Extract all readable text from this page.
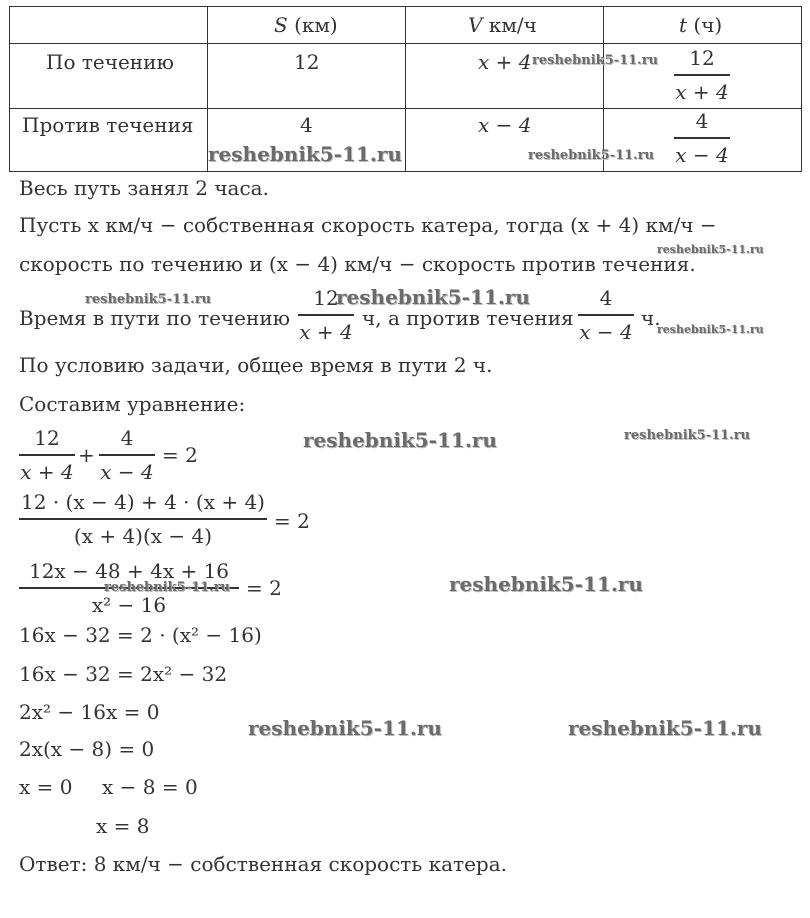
	S (км)	V км/ч	t (ч)

По течению	12	x + 4	12
x + 4

Против течения	4	x − 4	4
x − 4
Весь путь занял 2 часа.
Пусть x км/ч − собственная скорость катера, тогда (x + 4) км/ч −
скорость по течению и (x − 4) км/ч − скорость против течения.
Время в пути по течению
12
x + 4
ч, а против течения
4
x − 4
ч.
По условию задачи, общее время в пути 2 ч.
Составим уравнение:
12
x + 4
+
4
x − 4
= 2
12 · (x − 4) + 4 · (x + 4)
(x + 4)(x − 4)
= 2
12x − 48 + 4x + 16
x² − 16
= 2
16x − 32 = 2 · (x² − 16)
16x − 32 = 2x² − 32
2x² − 16x = 0
2x(x − 8) = 0
x = 0 x − 8 = 0
x = 8
Ответ: 8 км/ч − собственная скорость катера.
reshebnik5-11.ru
reshebnik5-11.ru	reshebnik5-11.ru
reshebnik5-11.ru
reshebnik5-11.ru	reshebnik5-11.ru
reshebnik5-11.ru
reshebnik5-11.ru	reshebnik5-11.ru
reshebnik5-11.ru	reshebnik5-11.ru
reshebnik5-11.ru	reshebnik5-11.ru
